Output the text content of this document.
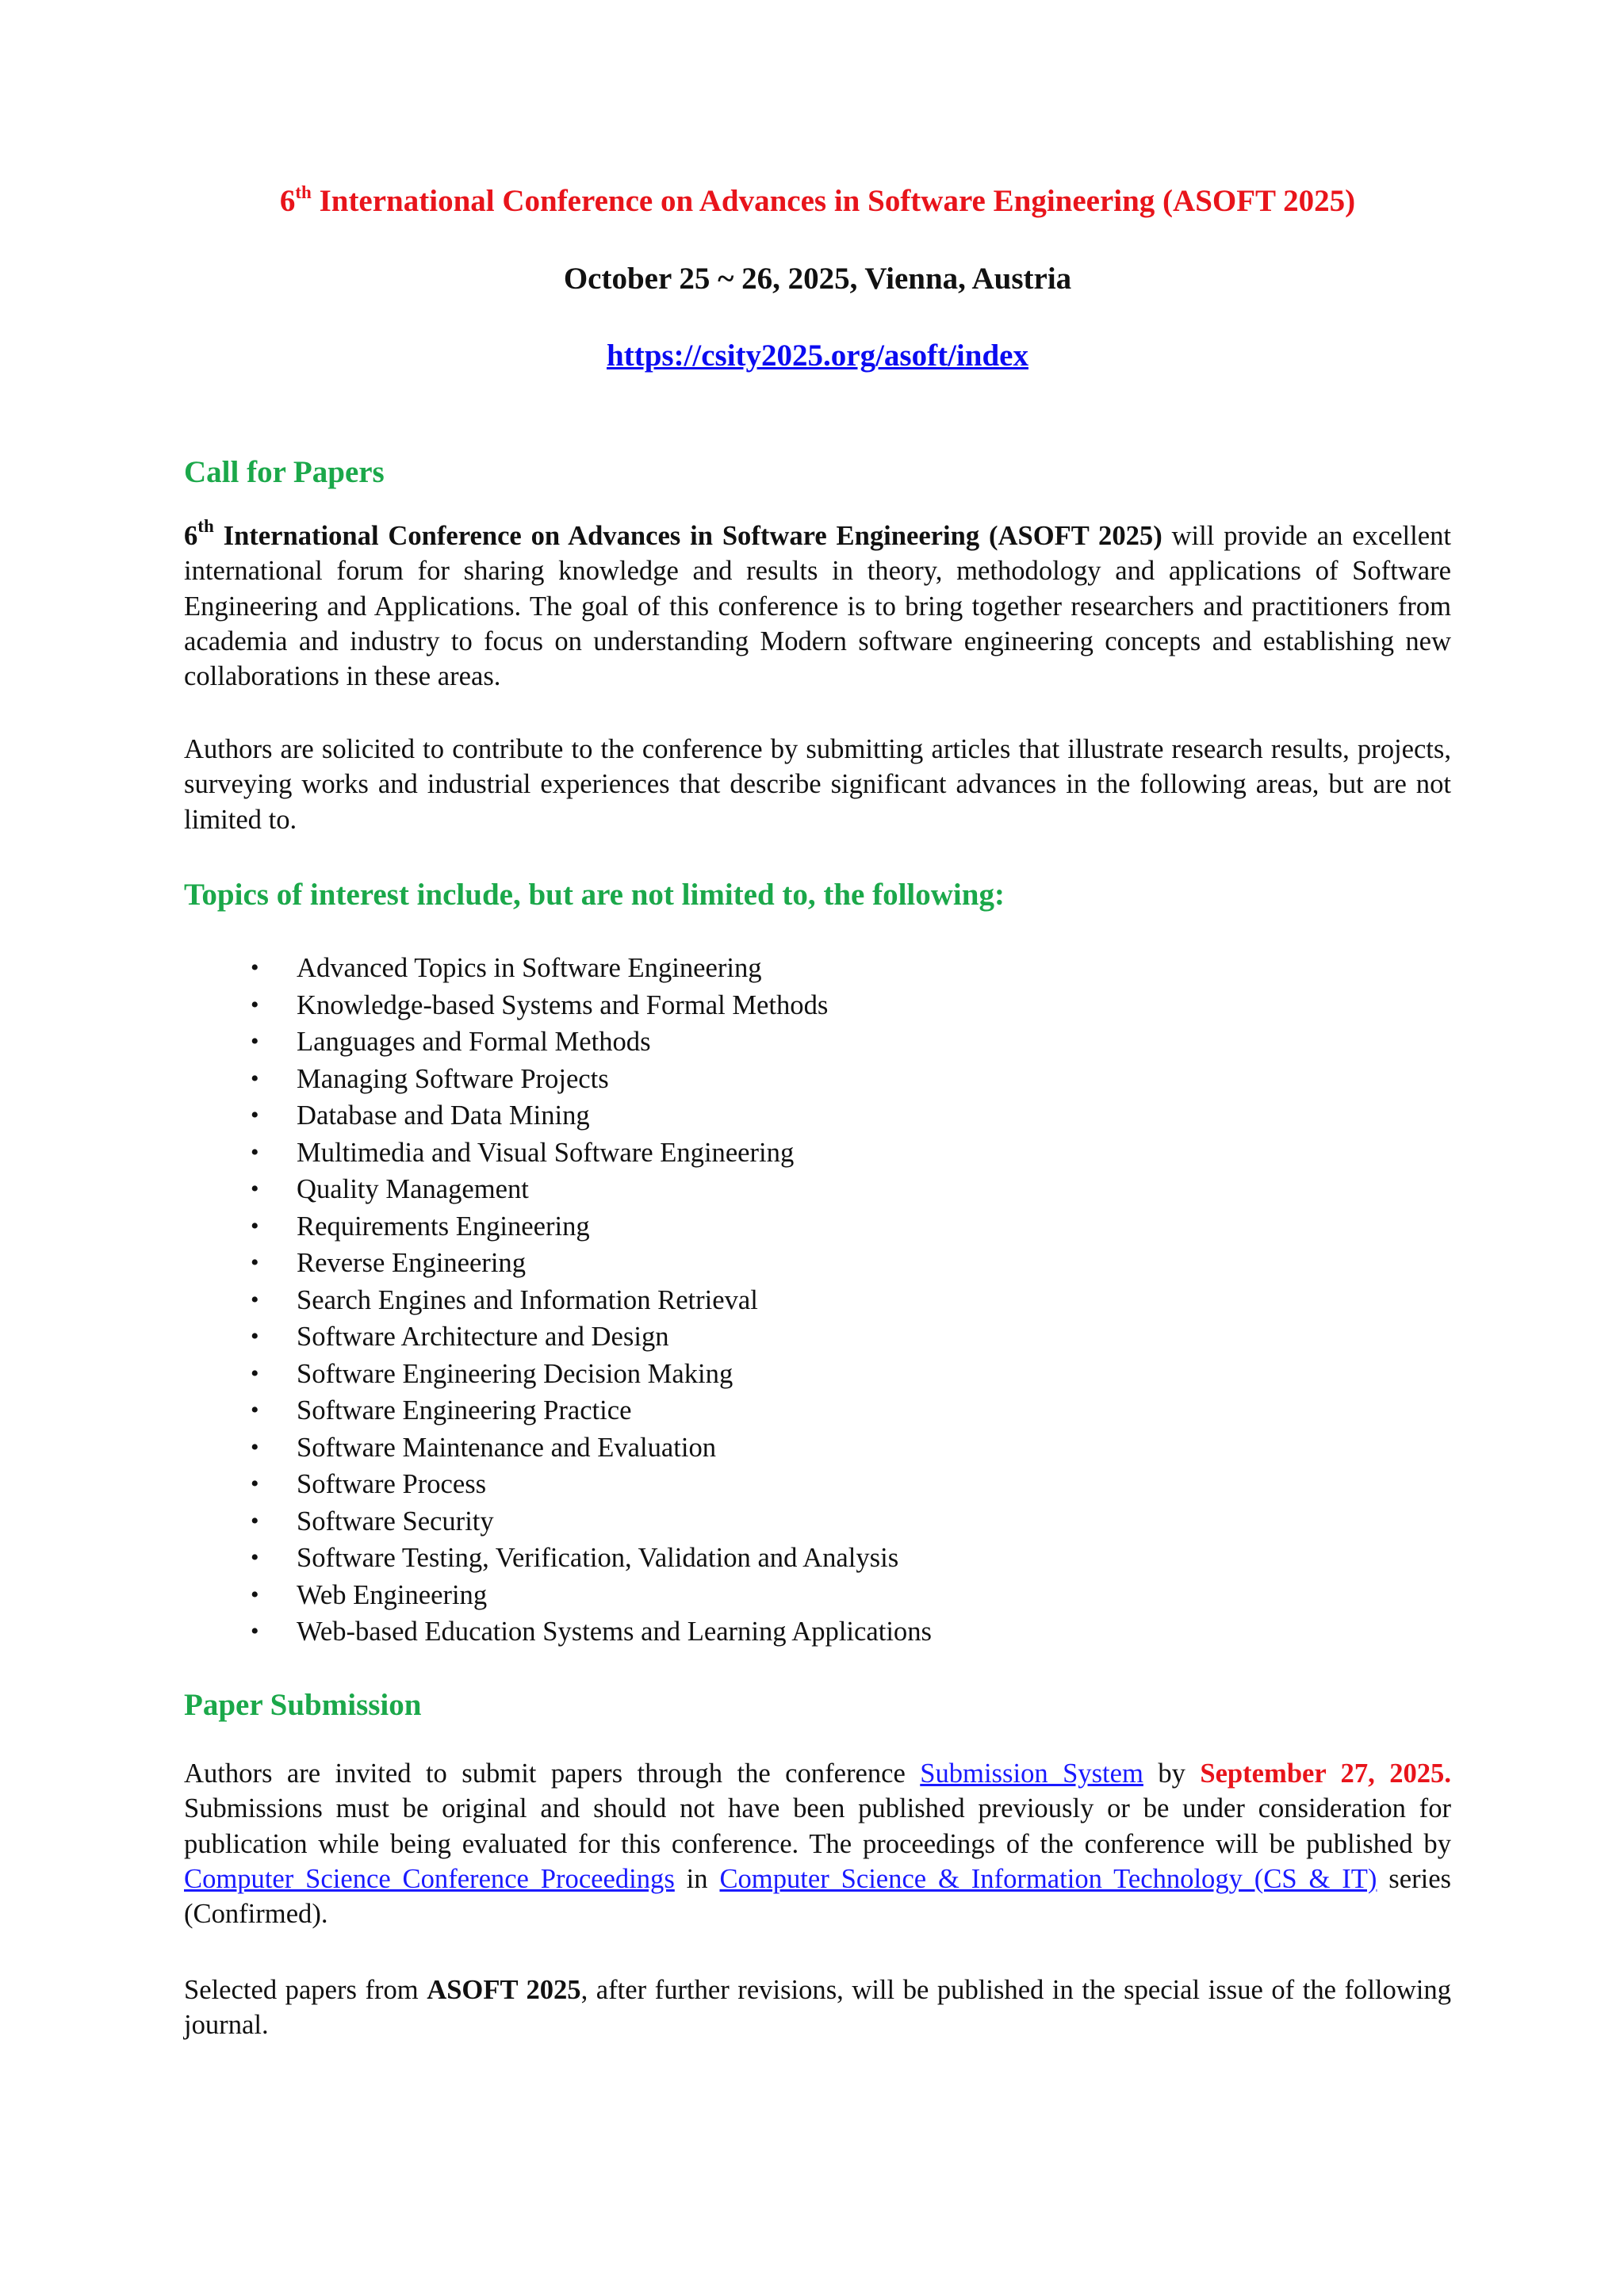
6th International Conference on Advances in Software Engineering (ASOFT 2025)
October 25 ~ 26, 2025, Vienna, Austria
https://csity2025.org/asoft/index
Call for Papers
6th International Conference on Advances in Software Engineering (ASOFT 2025) will provide an excellent international forum for sharing knowledge and results in theory, methodology and applications of Software Engineering and Applications. The goal of this conference is to bring together researchers and practitioners from academia and industry to focus on understanding Modern software engineering concepts and establishing new collaborations in these areas.
Authors are solicited to contribute to the conference by submitting articles that illustrate research results, projects, surveying works and industrial experiences that describe significant advances in the following areas, but are not limited to.
Topics of interest include, but are not limited to, the following:
• Advanced Topics in Software Engineering
• Knowledge-based Systems and Formal Methods
• Languages and Formal Methods
• Managing Software Projects
• Database and Data Mining
• Multimedia and Visual Software Engineering
• Quality Management
• Requirements Engineering
• Reverse Engineering
• Search Engines and Information Retrieval
• Software Architecture and Design
• Software Engineering Decision Making
• Software Engineering Practice
• Software Maintenance and Evaluation
• Software Process
• Software Security
• Software Testing, Verification, Validation and Analysis
• Web Engineering
• Web-based Education Systems and Learning Applications
Paper Submission
Authors are invited to submit papers through the conference Submission System by September 27, 2025. Submissions must be original and should not have been published previously or be under consideration for publication while being evaluated for this conference. The proceedings of the conference will be published by Computer Science Conference Proceedings in Computer Science & Information Technology (CS & IT) series (Confirmed).
Selected papers from ASOFT 2025, after further revisions, will be published in the special issue of the following journal.
